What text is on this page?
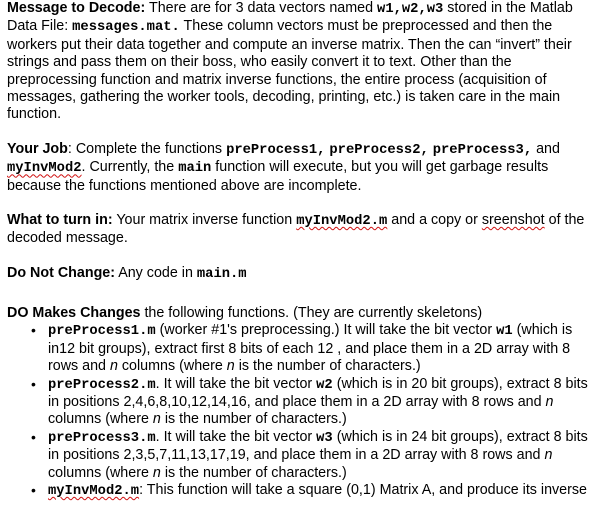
Message to Decode: There are for 3 data vectors named w1,w2,w3 stored in the Matlab Data File: messages.mat. These column vectors must be preprocessed and then the workers put their data together and compute an inverse matrix. Then the can “invert” their strings and pass them on their boss, who easily convert it to text. Other than the preprocessing function and matrix inverse functions, the entire process (acquisition of messages, gathering the worker tools, decoding, printing, etc.) is taken care in the main function.

Your Job: Complete the functions preProcess1, preProcess2, preProcess3, and myInvMod2. Currently, the main function will execute, but you will get garbage results because the functions mentioned above are incomplete.

What to turn in: Your matrix inverse function myInvMod2.m and a copy or sreenshot of the decoded message.

Do Not Change: Any code in main.m

DO Makes Changes the following functions. (They are currently skeletons)
• preProcess1.m (worker #1's preprocessing.) It will take the bit vector w1 (which is in12 bit groups), extract first 8 bits of each 12 , and place them in a 2D array with 8 rows and n columns (where n is the number of characters.)
• preProcess2.m. It will take the bit vector w2 (which is in 20 bit groups), extract 8 bits in positions 2,4,6,8,10,12,14,16, and place them in a 2D array with 8 rows and n columns (where n is the number of characters.)
• preProcess3.m. It will take the bit vector w3 (which is in 24 bit groups), extract 8 bits in positions 2,3,5,7,11,13,17,19, and place them in a 2D array with 8 rows and n columns (where n is the number of characters.)
• myInvMod2.m: This function will take a square (0,1) Matrix A, and produce its inverse
